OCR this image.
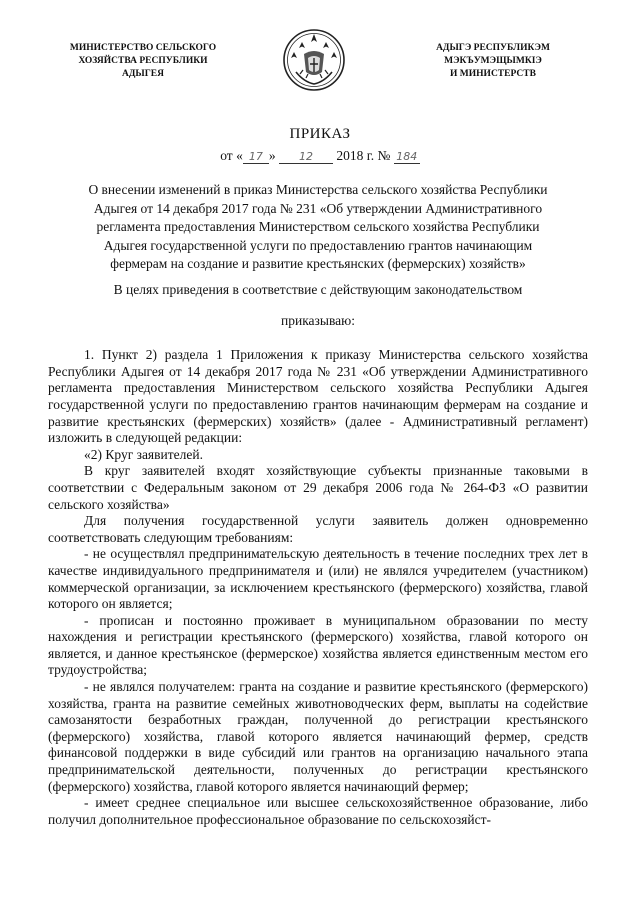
МИНИСТЕРСТВО СЕЛЬСКОГО
ХОЗЯЙСТВА РЕСПУБЛИКИ
АДЫГЕЯ
АДЫГЭ РЕСПУБЛИКЭМ
МЭКЪУМЭЩЫМКIЭ
И МИНИСТЕРСТВ
ПРИКАЗ
от « 17 » 12 2018 г. № 184
О внесении изменений в приказ Министерства сельского хозяйства Республики Адыгея от 14 декабря 2017 года № 231 «Об утверждении Административного регламента предоставления Министерством сельского хозяйства Республики Адыгея государственной услуги по предоставлению грантов начинающим фермерам на создание и развитие крестьянских (фермерских) хозяйств»

В целях приведения в соответствие с действующим законодательством

приказываю:

1. Пункт 2) раздела 1 Приложения к приказу Министерства сельского хозяйства Республики Адыгея от 14 декабря 2017 года № 231 «Об утверждении Административного регламента предоставления Министерством сельского хозяйства Республики Адыгея государственной услуги по предоставлению грантов начинающим фермерам на создание и развитие крестьянских (фермерских) хозяйств» (далее - Административный регламент) изложить в следующей редакции:

«2) Круг заявителей.

В круг заявителей входят хозяйствующие субъекты признанные таковыми в соответствии с Федеральным законом от 29 декабря 2006 года № 264-ФЗ «О развитии сельского хозяйства»

Для получения государственной услуги заявитель должен одновременно соответствовать следующим требованиям:

- не осуществлял предпринимательскую деятельность в течение последних трех лет в качестве индивидуального предпринимателя и (или) не являлся учредителем (участником) коммерческой организации, за исключением крестьянского (фермерского) хозяйства, главой которого он является;

- прописан и постоянно проживает в муниципальном образовании по месту нахождения и регистрации крестьянского (фермерского) хозяйства, главой которого он является, и данное крестьянское (фермерское) хозяйства является единственным местом его трудоустройства;

- не являлся получателем: гранта на создание и развитие крестьянского (фермерского) хозяйства, гранта на развитие семейных животноводческих ферм, выплаты на содействие самозанятости безработных граждан, полученной до регистрации крестьянского (фермерского) хозяйства, главой которого является начинающий фермер, средств финансовой поддержки в виде субсидий или грантов на организацию начального этапа предпринимательской деятельности, полученных до регистрации крестьянского (фермерского) хозяйства, главой которого является начинающий фермер;

- имеет среднее специальное или высшее сельскохозяйственное образование, либо получил дополнительное профессиональное образование по сельскохозяйст-
